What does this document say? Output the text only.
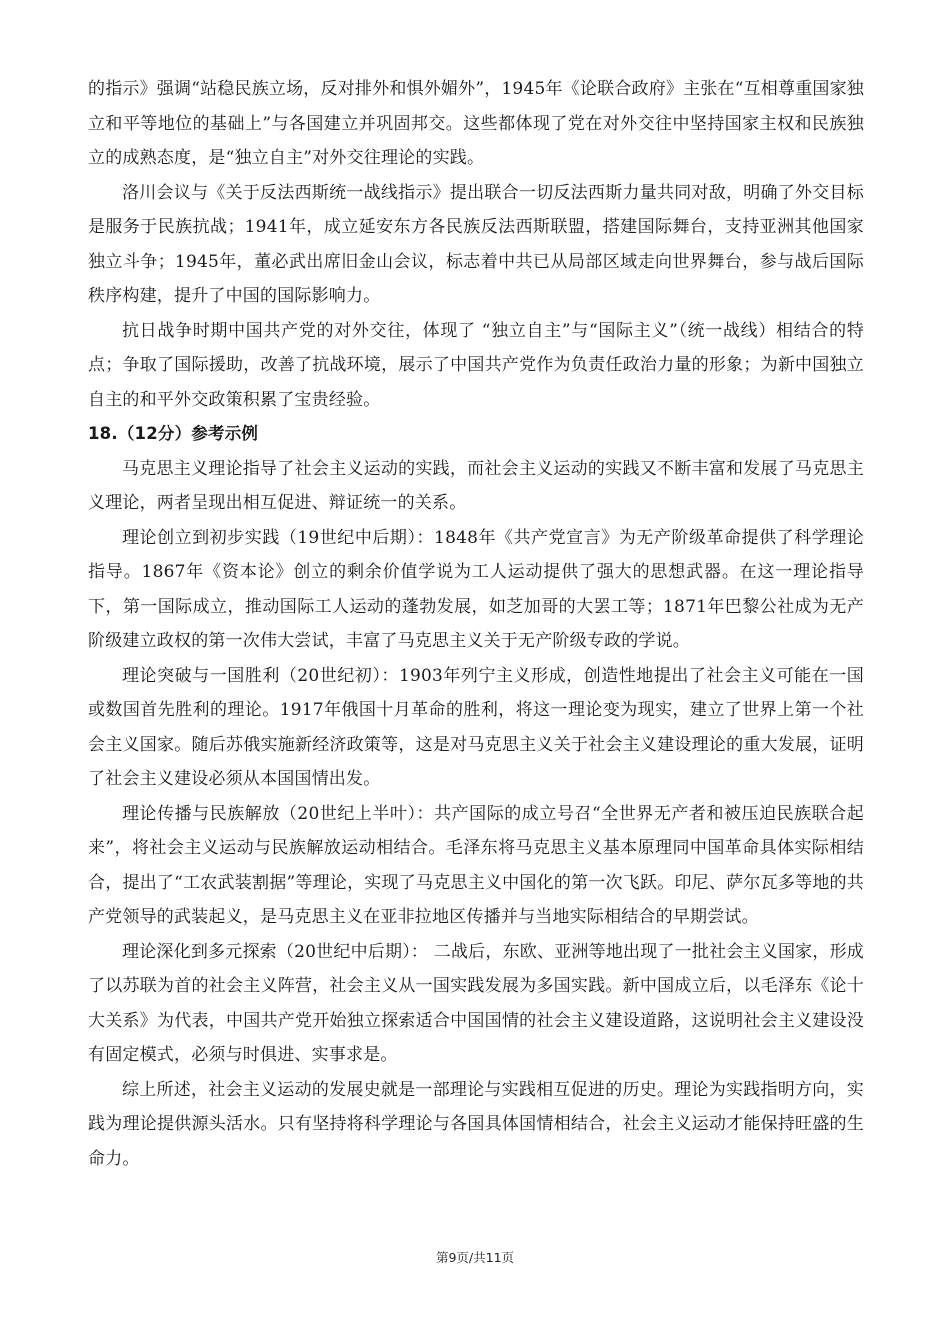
的指示》强调“站稳民族立场，反对排外和惧外媚外”，1945年《论联合政府》主张在“互相尊重国家独立和平等地位的基础上”与各国建立并巩固邦交。这些都体现了党在对外交往中坚持国家主权和民族独立的成熟态度，是“独立自主”对外交往理论的实践。

洛川会议与《关于反法西斯统一战线指示》提出联合一切反法西斯力量共同对敌，明确了外交目标是服务于民族抗战；1941年，成立延安东方各民族反法西斯联盟，搭建国际舞台，支持亚洲其他国家独立斗争；1945年，董必武出席旧金山会议，标志着中共已从局部区域走向世界舞台，参与战后国际秩序构建，提升了中国的国际影响力。

抗日战争时期中国共产党的对外交往，体现了 “独立自主”与“国际主义”（统一战线）相结合的特点；争取了国际援助，改善了抗战环境，展示了中国共产党作为负责任政治力量的形象；为新中国独立自主的和平外交政策积累了宝贵经验。

18.（12分）参考示例

马克思主义理论指导了社会主义运动的实践，而社会主义运动的实践又不断丰富和发展了马克思主义理论，两者呈现出相互促进、辩证统一的关系。

理论创立到初步实践（19世纪中后期）：1848年《共产党宣言》为无产阶级革命提供了科学理论指导。1867年《资本论》创立的剩余价值学说为工人运动提供了强大的思想武器。在这一理论指导下，第一国际成立，推动国际工人运动的蓬勃发展，如芝加哥的大罢工等；1871年巴黎公社成为无产阶级建立政权的第一次伟大尝试，丰富了马克思主义关于无产阶级专政的学说。

理论突破与一国胜利（20世纪初）：1903年列宁主义形成，创造性地提出了社会主义可能在一国或数国首先胜利的理论。1917年俄国十月革命的胜利，将这一理论变为现实，建立了世界上第一个社会主义国家。随后苏俄实施新经济政策等，这是对马克思主义关于社会主义建设理论的重大发展，证明了社会主义建设必须从本国国情出发。

理论传播与民族解放（20世纪上半叶）：共产国际的成立号召“全世界无产者和被压迫民族联合起来”，将社会主义运动与民族解放运动相结合。毛泽东将马克思主义基本原理同中国革命具体实际相结合，提出了“工农武装割据”等理论，实现了马克思主义中国化的第一次飞跃。印尼、萨尔瓦多等地的共产党领导的武装起义，是马克思主义在亚非拉地区传播并与当地实际相结合的早期尝试。

理论深化到多元探索（20世纪中后期）： 二战后，东欧、亚洲等地出现了一批社会主义国家，形成了以苏联为首的社会主义阵营，社会主义从一国实践发展为多国实践。新中国成立后，以毛泽东《论十大关系》为代表，中国共产党开始独立探索适合中国国情的社会主义建设道路，这说明社会主义建设没有固定模式，必须与时俱进、实事求是。

综上所述，社会主义运动的发展史就是一部理论与实践相互促进的历史。理论为实践指明方向，实践为理论提供源头活水。只有坚持将科学理论与各国具体国情相结合，社会主义运动才能保持旺盛的生命力。

第9页/共11页
